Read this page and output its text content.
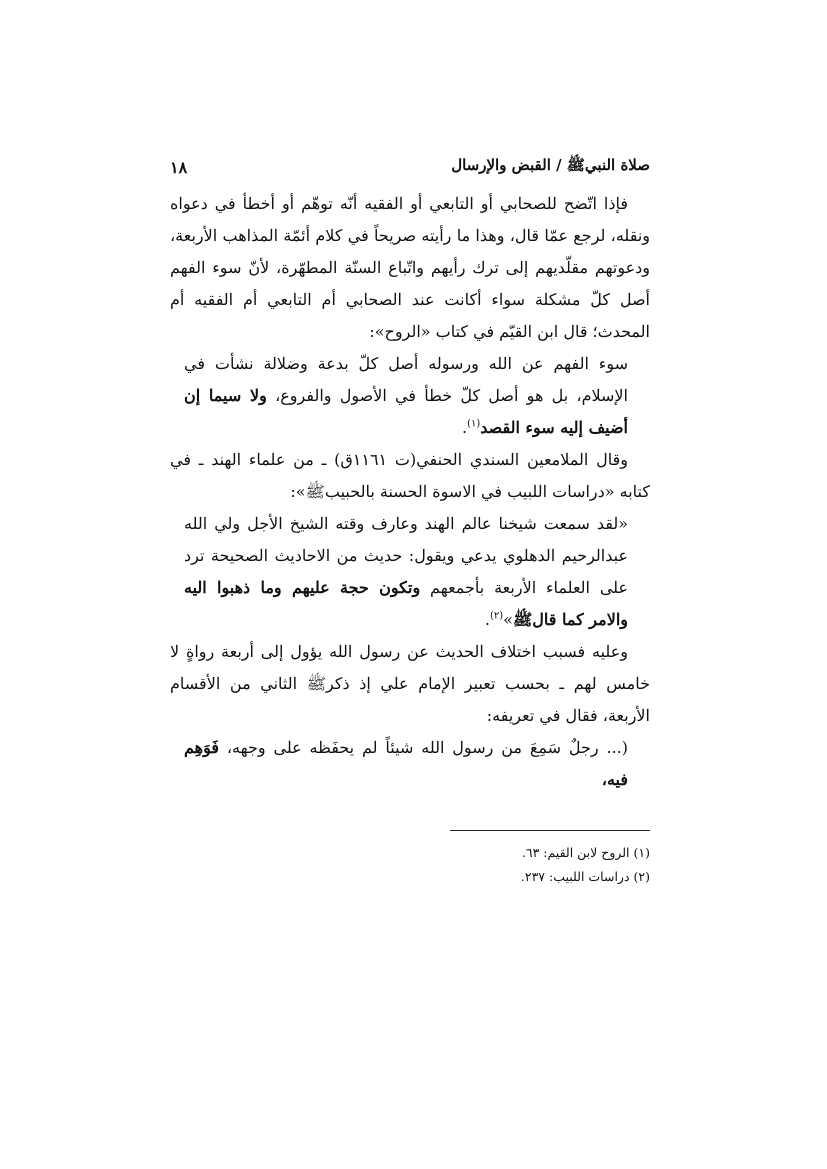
صلاة النبيﷺ / القبض والإرسال
١٨

فإذا اتّضح للصحابي أو التابعي أو الفقيه أنّه توهّم أو أخطأ في دعواه ونقله، لرجع عمّا قال، وهذا ما رأيته صريحاً في كلام أئمّة المذاهب الأربعة، ودعوتهم مقلّديهم إلى ترك رأيهم واتّباع السنّة المطهّرة، لأنّ سوء الفهم أصل كلّ مشكلة سواء أكانت عند الصحابي أم التابعي أم الفقيه أم المحدث؛ قال ابن القيّم في كتاب «الروح»:

سوء الفهم عن الله ورسوله أصل كلّ بدعة وضلالة نشأت في الإسلام، بل هو أصل كلّ خطأ في الأصول والفروع، ولا سيما إن أضيف إليه سوء القصد$^{(١)}$.

وقال الملامعين السندي الحنفي(ت ١١٦١ق) ـ من علماء الهند ـ في كتابه «دراسات اللبيب في الاسوة الحسنة بالحبيبﷺ»:

«لقد سمعت شيخنا عالم الهند وعارف وقته الشيخ الأجل ولي الله عبدالرحيم الدهلوي يدعي ويقول: حديث من الاحاديث الصحيحة ترد على العلماء الأربعة بأجمعهم وتكون حجة عليهم وما ذهبوا اليه والامر كما قالﷺ»$^{(٢)}$.

وعليه فسبب اختلاف الحديث عن رسول الله يؤول إلى أربعة رواةٍ لا خامس لهم ـ بحسب تعبير الإمام علي إذ ذكرﷺ الثاني من الأقسام الأربعة، فقال في تعريفه:

(... رجلٌ سَمِعَ من رسول الله شيئاً لم يحفَظه على وجهه، فَوَهِم فيه،

(١) الروح لابن القيم: ٦٣.
(٢) دراسات اللبيب: ٢٣٧.
